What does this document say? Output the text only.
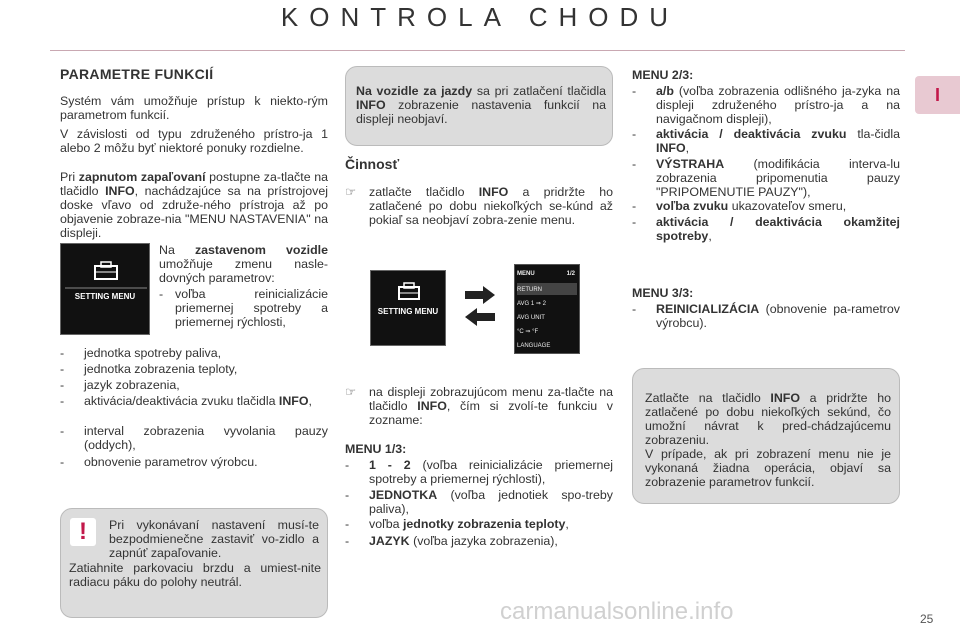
KONTROLA CHODU
I
PARAMETRE FUNKCIÍ
Systém vám umožňuje prístup k niekto-rým parametrom funkcií.
V závislosti od typu združeného prístro-ja 1 alebo 2 môžu byť niektoré ponuky rozdielne.
Pri zapnutom zapaľovaní postupne za-tlačte na tlačidlo INFO, nachádzajúce sa na prístrojovej doske vľavo od združe-ného prístroja až po objavenie zobraze-nia "MENU NASTAVENIA" na displeji.
SETTING MENU
Na zastavenom vozidle umožňuje zmenu nasle-dovných parametrov:
- voľba reinicializácie priemernej spotreby a priemernej rýchlosti,
- jednotka spotreby paliva,
- jednotka zobrazenia teploty,
- jazyk zobrazenia,
- aktivácia/deaktivácia zvuku tlačidla INFO,
- interval zobrazenia vyvolania pauzy (oddych),
- obnovenie parametrov výrobcu.
!	Pri vykonávaní nastavení musí-te bezpodmienečne zastaviť vo-zidlo a zapnúť zapaľovanie.
Zatiahnite parkovaciu brzdu a umiest-nite radiacu páku do polohy neutrál.
Na vozidle za jazdy sa pri zatlačení tlačidla INFO zobrazenie nastavenia funkcií na displeji neobjaví.
Činnosť
☞ zatlačte tlačidlo INFO a pridržte ho zatlačené po dobu niekoľkých se-kúnd až pokiaľ sa neobjaví zobra-zenie menu.
SETTING MENU
MENU	1/2
RETURN
AVG 1 ⇒ 2
AVG UNIT
°C ⇒ °F
LANGUAGE
☞ na displeji zobrazujúcom menu za-tlačte na tlačidlo INFO, čím si zvolí-te funkciu v zozname:
MENU 1/3:
- 1 - 2 (voľba reinicializácie priemernej spotreby a priemernej rýchlosti),
- JEDNOTKA (voľba jednotiek spo-treby paliva),
- voľba jednotky zobrazenia teploty,
- JAZYK (voľba jazyka zobrazenia),
MENU 2/3:
- a/b (voľba zobrazenia odlišného ja-zyka na displeji združeného prístro-ja a na navigačnom displeji),
- aktivácia / deaktivácia zvuku tla-čidla INFO,
- VÝSTRAHA (modifikácia interva-lu zobrazenia pripomenutia pauzy "PRIPOMENUTIE PAUZY"),
- voľba zvuku ukazovateľov smeru,
- aktivácia / deaktivácia okamžitej spotreby,
MENU 3/3:
- REINICIALIZÁCIA (obnovenie pa-rametrov výrobcu).
Zatlačte na tlačidlo INFO a pridržte ho zatlačené po dobu niekoľkých sekúnd, čo umožní návrat k pred-chádzajúcemu zobrazeniu.
V prípade, ak pri zobrazení menu nie je vykonaná žiadna operácia, objaví sa zobrazenie parametrov funkcií.
carmanualsonline.info	25
